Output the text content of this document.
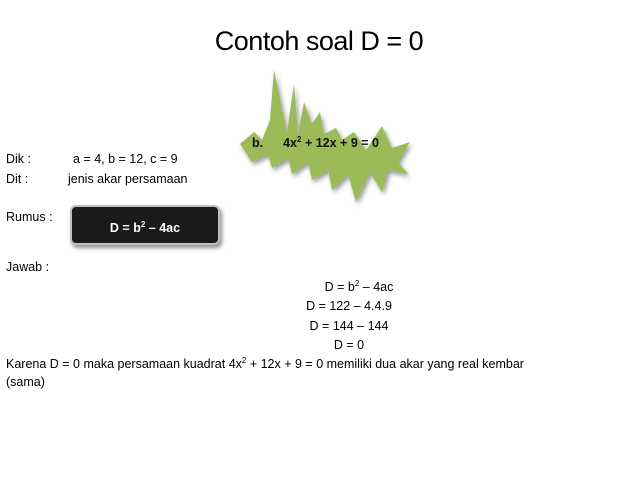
Contoh soal D = 0
b. $4x^2 + 12x + 9 = 0$
Dik :	a = 4, b = 12, c = 9
Dit :	jenis akar persamaan
Rumus :
$D = b^2 - 4ac$
Jawab :
$D = b^2 - 4ac$
D = 122 – 4.4.9
D = 144 – 144
D = 0
Karena D = 0 maka persamaan kuadrat $4x^2 + 12x + 9 = 0$ memiliki dua akar yang real kembar
(sama)
